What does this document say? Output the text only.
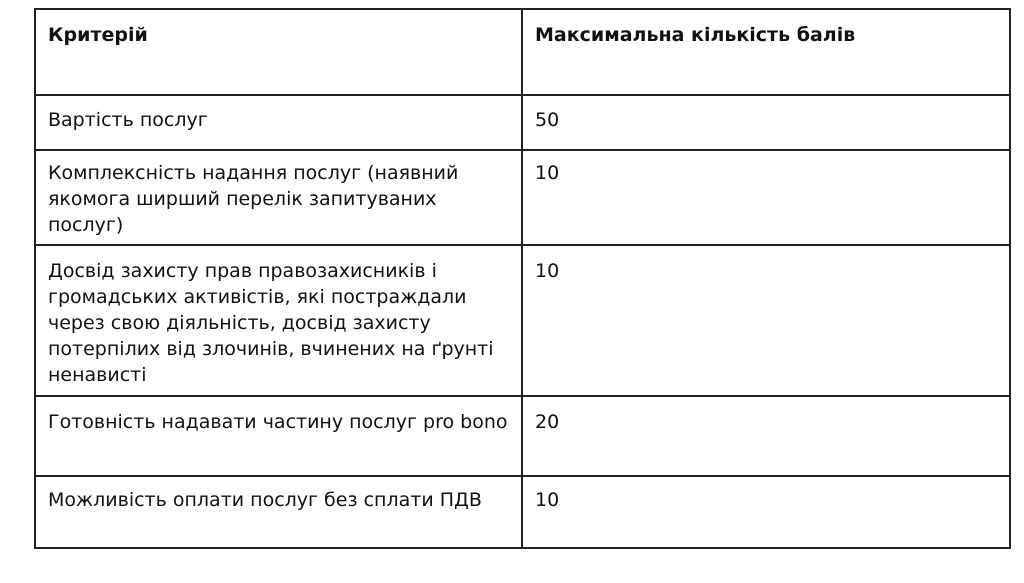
Критерій	Максимальна кількість балів
Вартість послуг	50
Комплексність надання послуг (наявний якомога ширший перелік запитуваних послуг)	10
Досвід захисту прав правозахисників і громадських активістів, які постраждали через свою діяльність, досвід захисту потерпілих від злочинів, вчинених на ґрунті ненависті	10
Готовність надавати частину послуг pro bono	20
Можливість оплати послуг без сплати ПДВ	10
